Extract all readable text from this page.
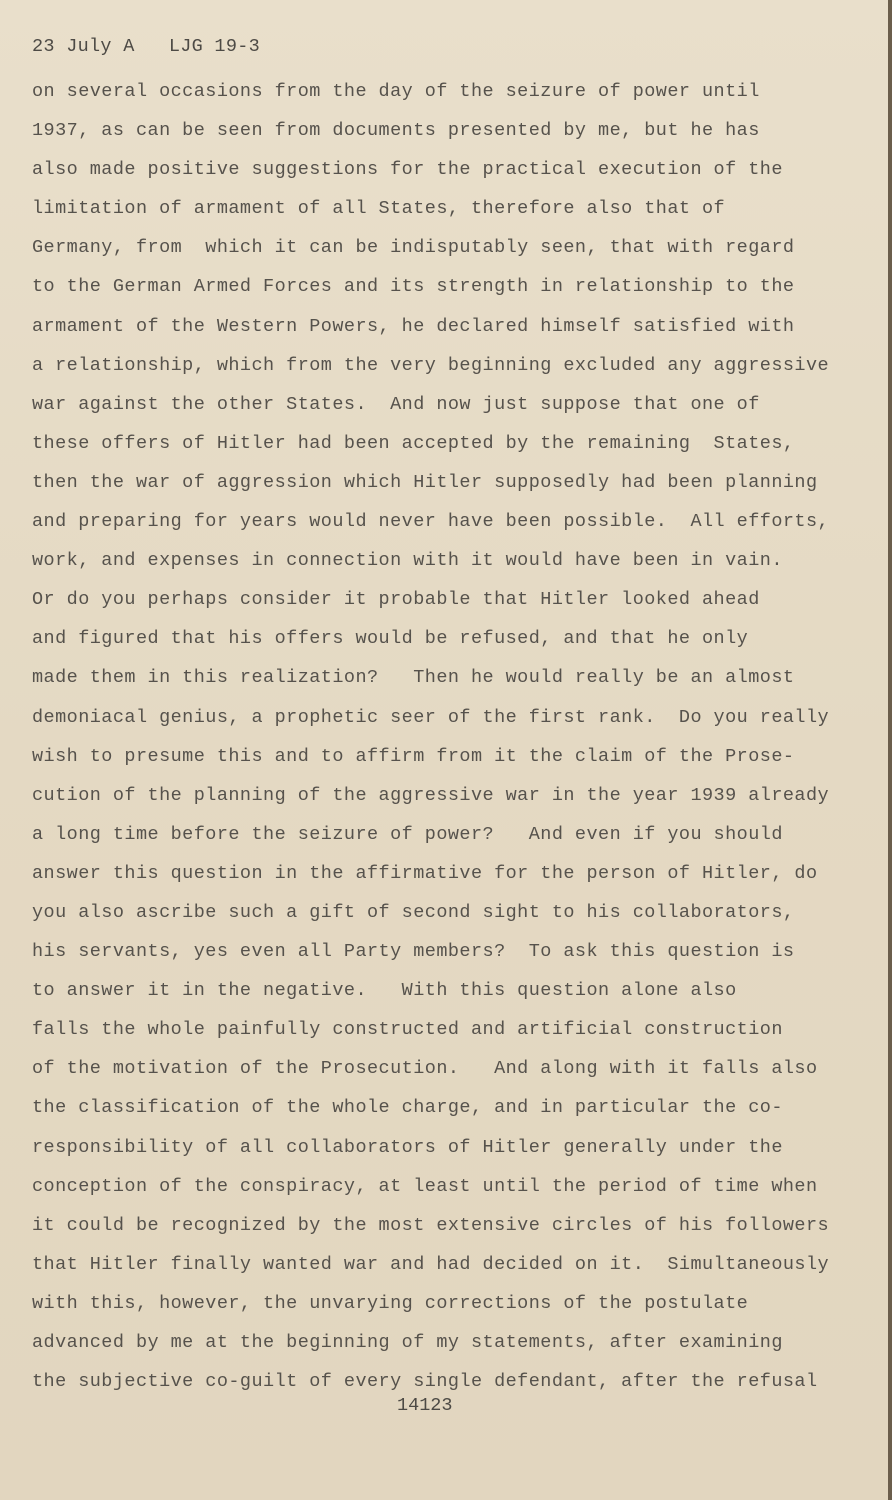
23 July A   LJG 19-3
on several occasions from the day of the seizure of power until
1937, as can be seen from documents presented by me, but he has
also made positive suggestions for the practical execution of the
limitation of armament of all States, therefore also that of
Germany, from  which it can be indisputably seen, that with regard
to the German Armed Forces and its strength in relationship to the
armament of the Western Powers, he declared himself satisfied with
a relationship, which from the very beginning excluded any aggressive
war against the other States.  And now just suppose that one of
these offers of Hitler had been accepted by the remaining  States,
then the war of aggression which Hitler supposedly had been planning
and preparing for years would never have been possible.  All efforts,
work, and expenses in connection with it would have been in vain.
Or do you perhaps consider it probable that Hitler looked ahead
and figured that his offers would be refused, and that he only
made them in this realization?   Then he would really be an almost
demoniacal genius, a prophetic seer of the first rank.  Do you really
wish to presume this and to affirm from it the claim of the Prose-
cution of the planning of the aggressive war in the year 1939 already
a long time before the seizure of power?   And even if you should
answer this question in the affirmative for the person of Hitler, do
you also ascribe such a gift of second sight to his collaborators,
his servants, yes even all Party members?  To ask this question is
to answer it in the negative.   With this question alone also
falls the whole painfully constructed and artificial construction
of the motivation of the Prosecution.   And along with it falls also
the classification of the whole charge, and in particular the co-
responsibility of all collaborators of Hitler generally under the
conception of the conspiracy, at least until the period of time when
it could be recognized by the most extensive circles of his followers
that Hitler finally wanted war and had decided on it.  Simultaneously
with this, however, the unvarying corrections of the postulate
advanced by me at the beginning of my statements, after examining
the subjective co-guilt of every single defendant, after the refusal
14123
